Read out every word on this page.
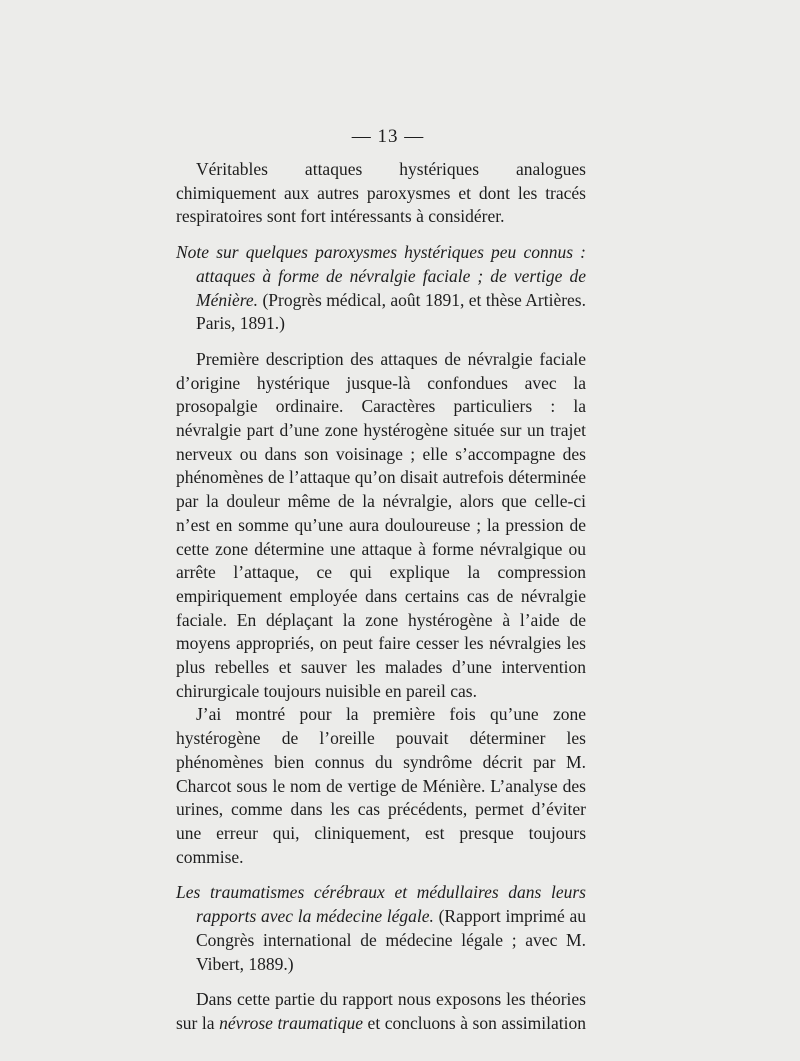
— 13 —

Véritables attaques hystériques analogues chimiquement aux autres paroxysmes et dont les tracés respiratoires sont fort intéressants à considérer.

Note sur quelques paroxysmes hystériques peu connus : attaques à forme de névralgie faciale ; de vertige de Ménière. (Progrès médical, août 1891, et thèse Artières. Paris, 1891.)

Première description des attaques de névralgie faciale d’origine hystérique jusque-là confondues avec la prosopalgie ordinaire. Caractères particuliers : la névralgie part d’une zone hystérogène située sur un trajet nerveux ou dans son voisinage ; elle s’accompagne des phénomènes de l’attaque qu’on disait autrefois déterminée par la douleur même de la névralgie, alors que celle-ci n’est en somme qu’une aura douloureuse ; la pression de cette zone détermine une attaque à forme névralgique ou arrête l’attaque, ce qui explique la compression empiriquement employée dans certains cas de névralgie faciale. En déplaçant la zone hystérogène à l’aide de moyens appropriés, on peut faire cesser les névralgies les plus rebelles et sauver les malades d’une intervention chirurgicale toujours nuisible en pareil cas.

J’ai montré pour la première fois qu’une zone hystérogène de l’oreille pouvait déterminer les phénomènes bien connus du syndrôme décrit par M. Charcot sous le nom de vertige de Ménière. L’analyse des urines, comme dans les cas précédents, permet d’éviter une erreur qui, cliniquement, est presque toujours commise.

Les traumatismes cérébraux et médullaires dans leurs rapports avec la médecine légale. (Rapport imprimé au Congrès international de médecine légale ; avec M. Vibert, 1889.)

Dans cette partie du rapport nous exposons les théories sur la névrose traumatique et concluons à son assimilation
